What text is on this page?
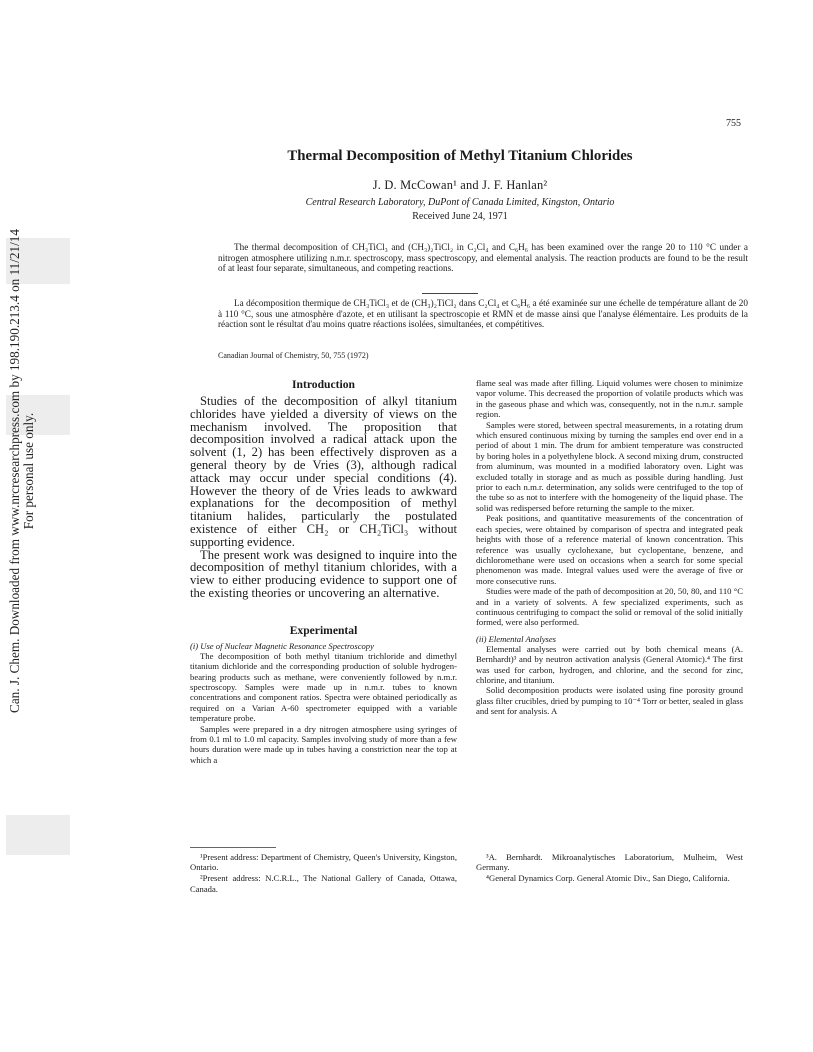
Can. J. Chem. Downloaded from www.nrcresearchpress.com by 198.190.213.4 on 11/21/14 For personal use only.
755
Thermal Decomposition of Methyl Titanium Chlorides
J. D. McCowan¹ and J. F. Hanlan²
Central Research Laboratory, DuPont of Canada Limited, Kingston, Ontario
Received June 24, 1971

The thermal decomposition of CH₃TiCl₃ and (CH₃)₂TiCl₂ in C₂Cl₄ and C₆H₆ has been examined over the range 20 to 110 °C under a nitrogen atmosphere utilizing n.m.r. spectroscopy, mass spectroscopy, and elemental analysis. The reaction products are found to be the result of at least four separate, simultaneous, and competing reactions.

La décomposition thermique de CH₃TiCl₃ et de (CH₃)₂TiCl₂ dans C₂Cl₄ et C₆H₆ a été examinée sur une échelle de température allant de 20 à 110 °C, sous une atmosphère d'azote, et en utilisant la spectroscopie et RMN et de masse ainsi que l'analyse élémentaire. Les produits de la réaction sont le résultat d'au moins quatre réactions isolées, simultanées, et compétitives.

Canadian Journal of Chemistry, 50, 755 (1972)
Introduction

Studies of the decomposition of alkyl titanium chlorides have yielded a diversity of views on the mechanism involved. The proposition that decomposition involved a radical attack upon the solvent (1, 2) has been effectively disproven as a general theory by de Vries (3), although radical attack may occur under special conditions (4). However the theory of de Vries leads to awkward explanations for the decomposition of methyl titanium halides, particularly the postulated existence of either CH₂ or CH₂TiCl₃ without supporting evidence.

The present work was designed to inquire into the decomposition of methyl titanium chlorides, with a view to either producing evidence to support one of the existing theories or uncovering an alternative.

Experimental
(i) Use of Nuclear Magnetic Resonance Spectroscopy

The decomposition of both methyl titanium trichloride and dimethyl titanium dichloride and the corresponding production of soluble hydrogen-bearing products such as methane, were conveniently followed by n.m.r. spectroscopy. Samples were made up in n.m.r. tubes to known concentrations and component ratios. Spectra were obtained periodically as required on a Varian A-60 spectrometer equipped with a variable temperature probe.

Samples were prepared in a dry nitrogen atmosphere using syringes of from 0.1 ml to 1.0 ml capacity. Samples involving study of more than a few hours duration were made up in tubes having a constriction near the top at which a

flame seal was made after filling. Liquid volumes were chosen to minimize vapor volume. This decreased the proportion of volatile products which was in the gaseous phase and which was, consequently, not in the n.m.r. sample region.

Samples were stored, between spectral measurements, in a rotating drum which ensured continuous mixing by turning the samples end over end in a period of about 1 min. The drum for ambient temperature was constructed by boring holes in a polyethylene block. A second mixing drum, constructed from aluminum, was mounted in a modified laboratory oven. Light was excluded totally in storage and as much as possible during handling. Just prior to each n.m.r. determination, any solids were centrifuged to the top of the tube so as not to interfere with the homogeneity of the liquid phase. The solid was redispersed before returning the sample to the mixer.

Peak positions, and quantitative measurements of the concentration of each species, were obtained by comparison of spectra and integrated peak heights with those of a reference material of known concentration. This reference was usually cyclohexane, but cyclopentane, benzene, and dichloromethane were used on occasions when a search for some special phenomenon was made. Integral values used were the average of five or more consecutive runs.

Studies were made of the path of decomposition at 20, 50, 80, and 110 °C and in a variety of solvents. A few specialized experiments, such as continuous centrifuging to compact the solid or removal of the solid initially formed, were also performed.

(ii) Elemental Analyses

Elemental analyses were carried out by both chemical means (A. Bernhardt)³ and by neutron activation analysis (General Atomic).⁴ The first was used for carbon, hydrogen, and chlorine, and the second for zinc, chlorine, and titanium.

Solid decomposition products were isolated using fine porosity ground glass filter crucibles, dried by pumping to 10⁻⁴ Torr or better, sealed in glass and sent for analysis. A

¹Present address: Department of Chemistry, Queen's University, Kingston, Ontario.

²Present address: N.C.R.L., The National Gallery of Canada, Ottawa, Canada.

³A. Bernhardt. Mikroanalytisches Laboratorium, Mulheim, West Germany.

⁴General Dynamics Corp. General Atomic Div., San Diego, California.
